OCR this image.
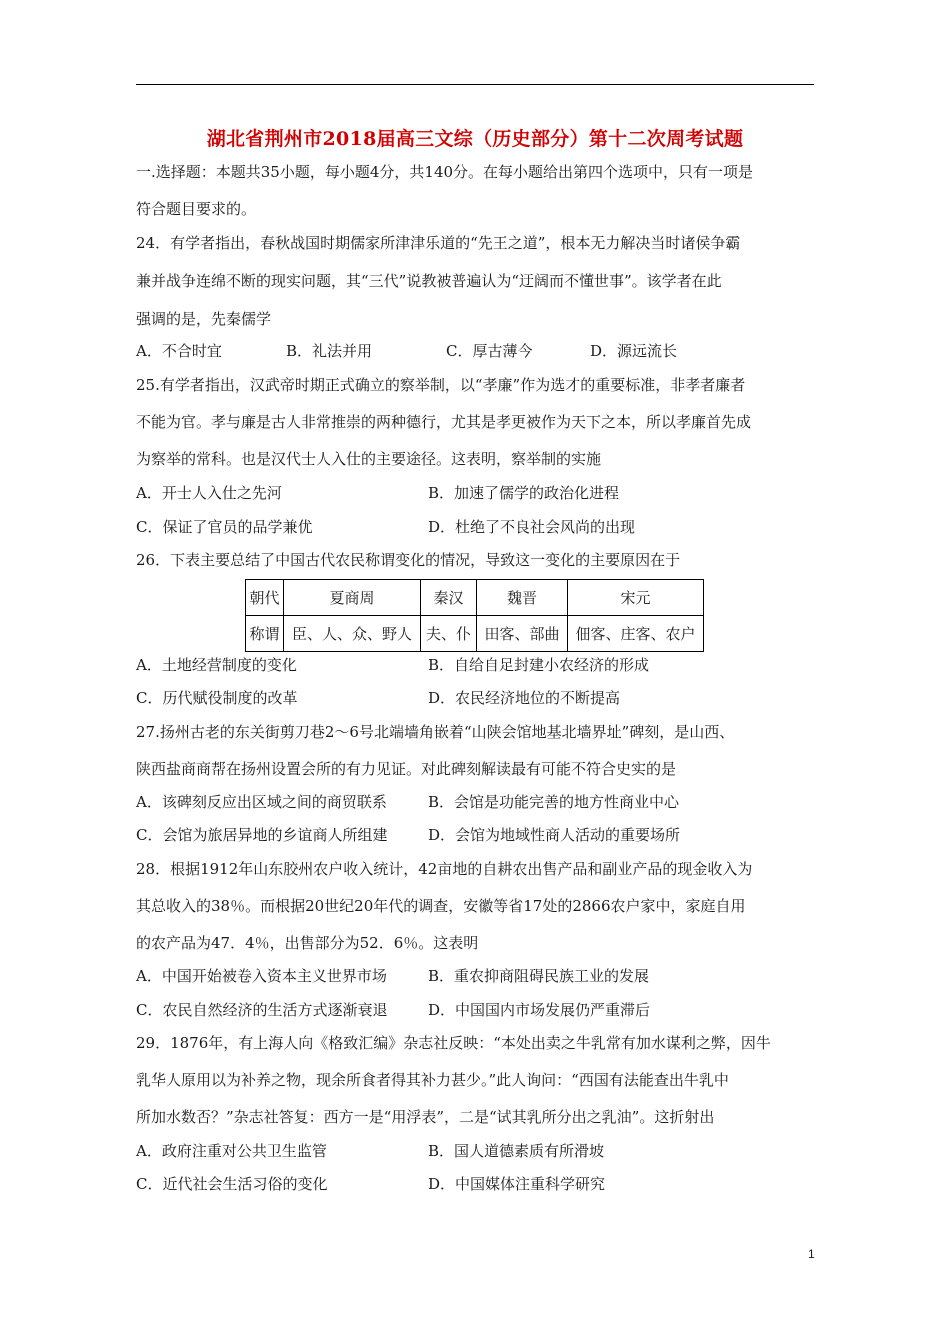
湖北省荆州市2018届高三文综（历史部分）第十二次周考试题
一.选择题：本题共35小题，每小题4分，共140分。在每小题给出第四个选项中，只有一项是
符合题目要求的。
24．有学者指出，春秋战国时期儒家所津津乐道的“先王之道”，根本无力解决当时诸侯争霸
兼并战争连绵不断的现实问题，其“三代”说教被普遍认为“迂阔而不懂世事”。该学者在此
强调的是，先秦儒学
A．不合时宜	B．礼法并用	C．厚古薄今	D．源远流长
25.有学者指出，汉武帝时期正式确立的察举制，以“孝廉”作为选才的重要标准，非孝者廉者
不能为官。孝与廉是古人非常推崇的两种德行，尤其是孝更被作为天下之本，所以孝廉首先成
为察举的常科。也是汉代士人入仕的主要途径。这表明，察举制的实施
A．开士人入仕之先河	B．加速了儒学的政治化进程
C．保证了官员的品学兼优	D．杜绝了不良社会风尚的出现
26．下表主要总结了中国古代农民称谓变化的情况，导致这一变化的主要原因在于
朝代	夏商周	秦汉	魏晋	宋元
称谓	臣、人、众、野人	夫、仆	田客、部曲	佃客、庄客、农户
A．土地经营制度的变化	B．自给自足封建小农经济的形成
C．历代赋役制度的改革	D．农民经济地位的不断提高
27.扬州古老的东关街剪刀巷2～6号北端墙角嵌着“山陕会馆地基北墙界址”碑刻，是山西、
陕西盐商商帮在扬州设置会所的有力见证。对此碑刻解读最有可能不符合史实的是
A．该碑刻反应出区域之间的商贸联系	B．会馆是功能完善的地方性商业中心
C．会馆为旅居异地的乡谊商人所组建	D．会馆为地域性商人活动的重要场所
28．根据1912年山东胶州农户收入统计，42亩地的自耕农出售产品和副业产品的现金收入为
其总收入的38％。而根据20世纪20年代的调查，安徽等省17处的2866农户家中，家庭自用
的农产品为47．4％，出售部分为52．6％。这表明
A．中国开始被卷入资本主义世界市场	B．重农抑商阻碍民族工业的发展
C．农民自然经济的生活方式逐渐衰退	D．中国国内市场发展仍严重滞后
29．1876年，有上海人向《格致汇编》杂志社反映：“本处出卖之牛乳常有加水谋利之弊，因牛
乳华人原用以为补养之物，现余所食者得其补力甚少。”此人询问：“西国有法能查出牛乳中
所加水数否？”杂志社答复：西方一是“用浮表”，二是“试其乳所分出之乳油”。这折射出
A．政府注重对公共卫生监管	B．国人道德素质有所滑坡
C．近代社会生活习俗的变化	D．中国媒体注重科学研究
1
